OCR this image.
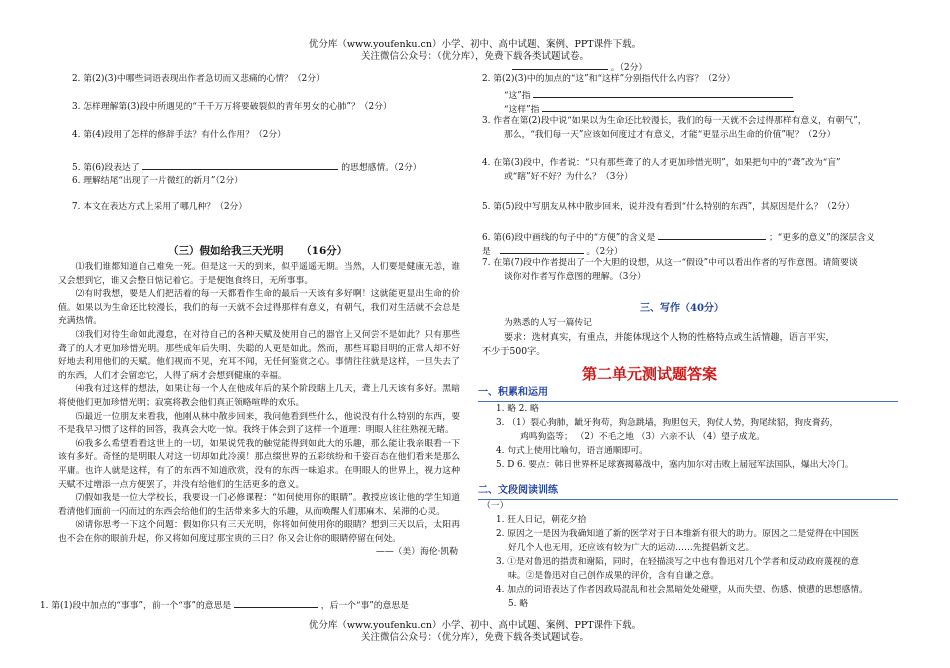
优分库（www.youfenku.cn）小学、初中、高中试题、案例、PPT课件下载。
关注微信公众号：（优分库），免费下载各类试题试卷。
2. 第(2)(3)中哪些词语表现出作者急切而又悲痛的心情？（2分）
3. 怎样理解第(3)段中所遇见的“千千万万将要破裂似的青年男女的心肺”？（2分）
4. 第(4)段用了怎样的修辞手法？有什么作用？（2分）
5. 第(6)段表达了	的思想感情。（2分）
6. 理解结尾“出现了一片微红的新月”（2分）
7. 本文在表达方式上采用了哪几种？（2分）
（三）假如给我三天光明 （16分）

⑴我们谁都知道自己难免一死。但是这一天的到来，似乎遥遥无期。当然，人们要是健康无恙，谁又会想到它，谁又会整日惦记着它。于是便饱食终日，无所事事。

⑵有时我想，要是人们把活着的每一天都看作生命的最后一天该有多好啊！这就能更显出生命的价值。如果以为生命还比较漫长，我们的每一天就不会过得那样有意义，有朝气，我们对生活就不会总是充满热情。

⑶我们对待生命如此漫怠，在对待自己的各种天赋及使用自己的器官上又何尝不是如此？只有那些聋了的人才更加珍惜光明。那些成年后失明、失聪的人更是如此。然而，那些耳聪目明的正常人却不好好地去利用他们的天赋。他们视而不见，充耳不闻，无任何鉴赏之心。事情往往就是这样，一旦失去了的东西，人们才会留恋它，人得了病才会想到健康的幸福。

⑷我有过这样的想法，如果让每一个人在他成年后的某个阶段瞎上几天，聋上几天该有多好。黑暗将使他们更加珍惜光明；寂寞将教会他们真正领略喧哗的欢乐。

⑸最近一位朋友来看我，他刚从林中散步回来，我问他看到些什么，他说没有什么特别的东西，要不是我早习惯了这样的回答，我真会大吃一惊。我终于体会到了这样一个道理：明眼人往往熟视无睹。

⑹我多么希望看看这世上的一切，如果说凭我的触觉能得到如此大的乐趣，那么能让我亲眼看一下该有多好。奇怪的是明眼人对这一切却如此冷漠！那点缀世界的五彩缤纷和千姿百态在他们看来是那么平庸。也许人就是这样，有了的东西不知道欣赏，没有的东西一味追求。在明眼人的世界上，视力这种天赋不过增添一点方便罢了，并没有给他们的生活更多的意义。

⑺假如我是一位大学校长，我要设一门必修课程：“如何使用你的眼睛”。教授应该让他的学生知道看清他们面前一闪而过的东西会给他们的生活带来多大的乐趣，从而唤醒人们那麻木、呆滞的心灵。

⑻请你思考一下这个问题：假如你只有三天光明，你将如何使用你的眼睛？想到三天以后，太阳再也不会在你的眼前升起，你又将如何度过那宝贵的三日？你又会让你的眼睛停留在何处。

——（美）海伦·凯勒
1. 第(1)段中加点的“事事”，前一个“事”的意思是	，后一个“事”的意思是
。（2分）
2. 第(2)(3)中的加点的“这”和“这样”分别指代什么内容？（2分）
“这”指
“这样”指
3. 作者在第(2)段中说“如果以为生命还比较漫长，我们的每一天就不会过得那样有意义，有朝气”，
那么，“我们每一天”应该如何度过才有意义，才能“更显示出生命的价值”呢？（2分）
4. 在第(3)段中，作者说：“只有那些聋了的人才更加珍惜光明”，如果把句中的“聋”改为“盲”
或“瞎”好不好？为什么？（3分）
5. 第(5)段中写朋友从林中散步回来，说并没有看到“什么特别的东西”，其原因是什么？（2分）
6. 第(6)段中画线的句子中的“方便”的含义是	；“更多的意义”的深层含义
是	。（2分）
7. 在第(7)段中作者提出了一个大胆的设想，从这一“假设”中可以看出作者的写作意图。请简要谈
谈你对作者写作意图的理解。（3分）
三、写作（40分）
为熟悉的人写一篇传记
要求：选材真实，有重点，并能体现这个人物的性格特点或生活情趣，语言平实，
不少于500字。
第二单元测试题答案
一、积累和运用
1. 略 2. 略
3. （1）裂心狗肺，龇牙狗苟，狗急跳墙，狗胆包天，狗仗人势，狗尾续貂，狗皮膏药，
鸡鸣狗盗等； （2）不毛之地 （3）六亲不认 （4）望子成龙。
4. 句式上使用比喻句，语言通顺即可。
5. D 6. 要点：韩日世界杯足球赛揭幕战中，塞内加尔对击败上届冠军法国队，爆出大冷门。
二、文段阅读训练
（一）
1. 狂人日记，朝花夕拾
2. 原因之一是因为我确知道了新的医学对于日本维新有很大的助力。原因之二是觉得在中国医
好几个人也无用，还应该有较为广大的运动……先提倡新文艺。
3. ①是对鲁迅的措责和谢陷，同时，在轻描淡写之中也有鲁迅对几个学者和反动政府蔑视的意
味。②是鲁迅对自己创作成果的评价，含有自谦之意。
4. 加点的词语表达了作者因政局混乱和社会黑暗处处碰壁，从而失望、伤感、愤懑的思想感情。
5. 略
优分库（www.youfenku.cn）小学、初中、高中试题、案例、PPT课件下载。
关注微信公众号：（优分库），免费下载各类试题试卷。
